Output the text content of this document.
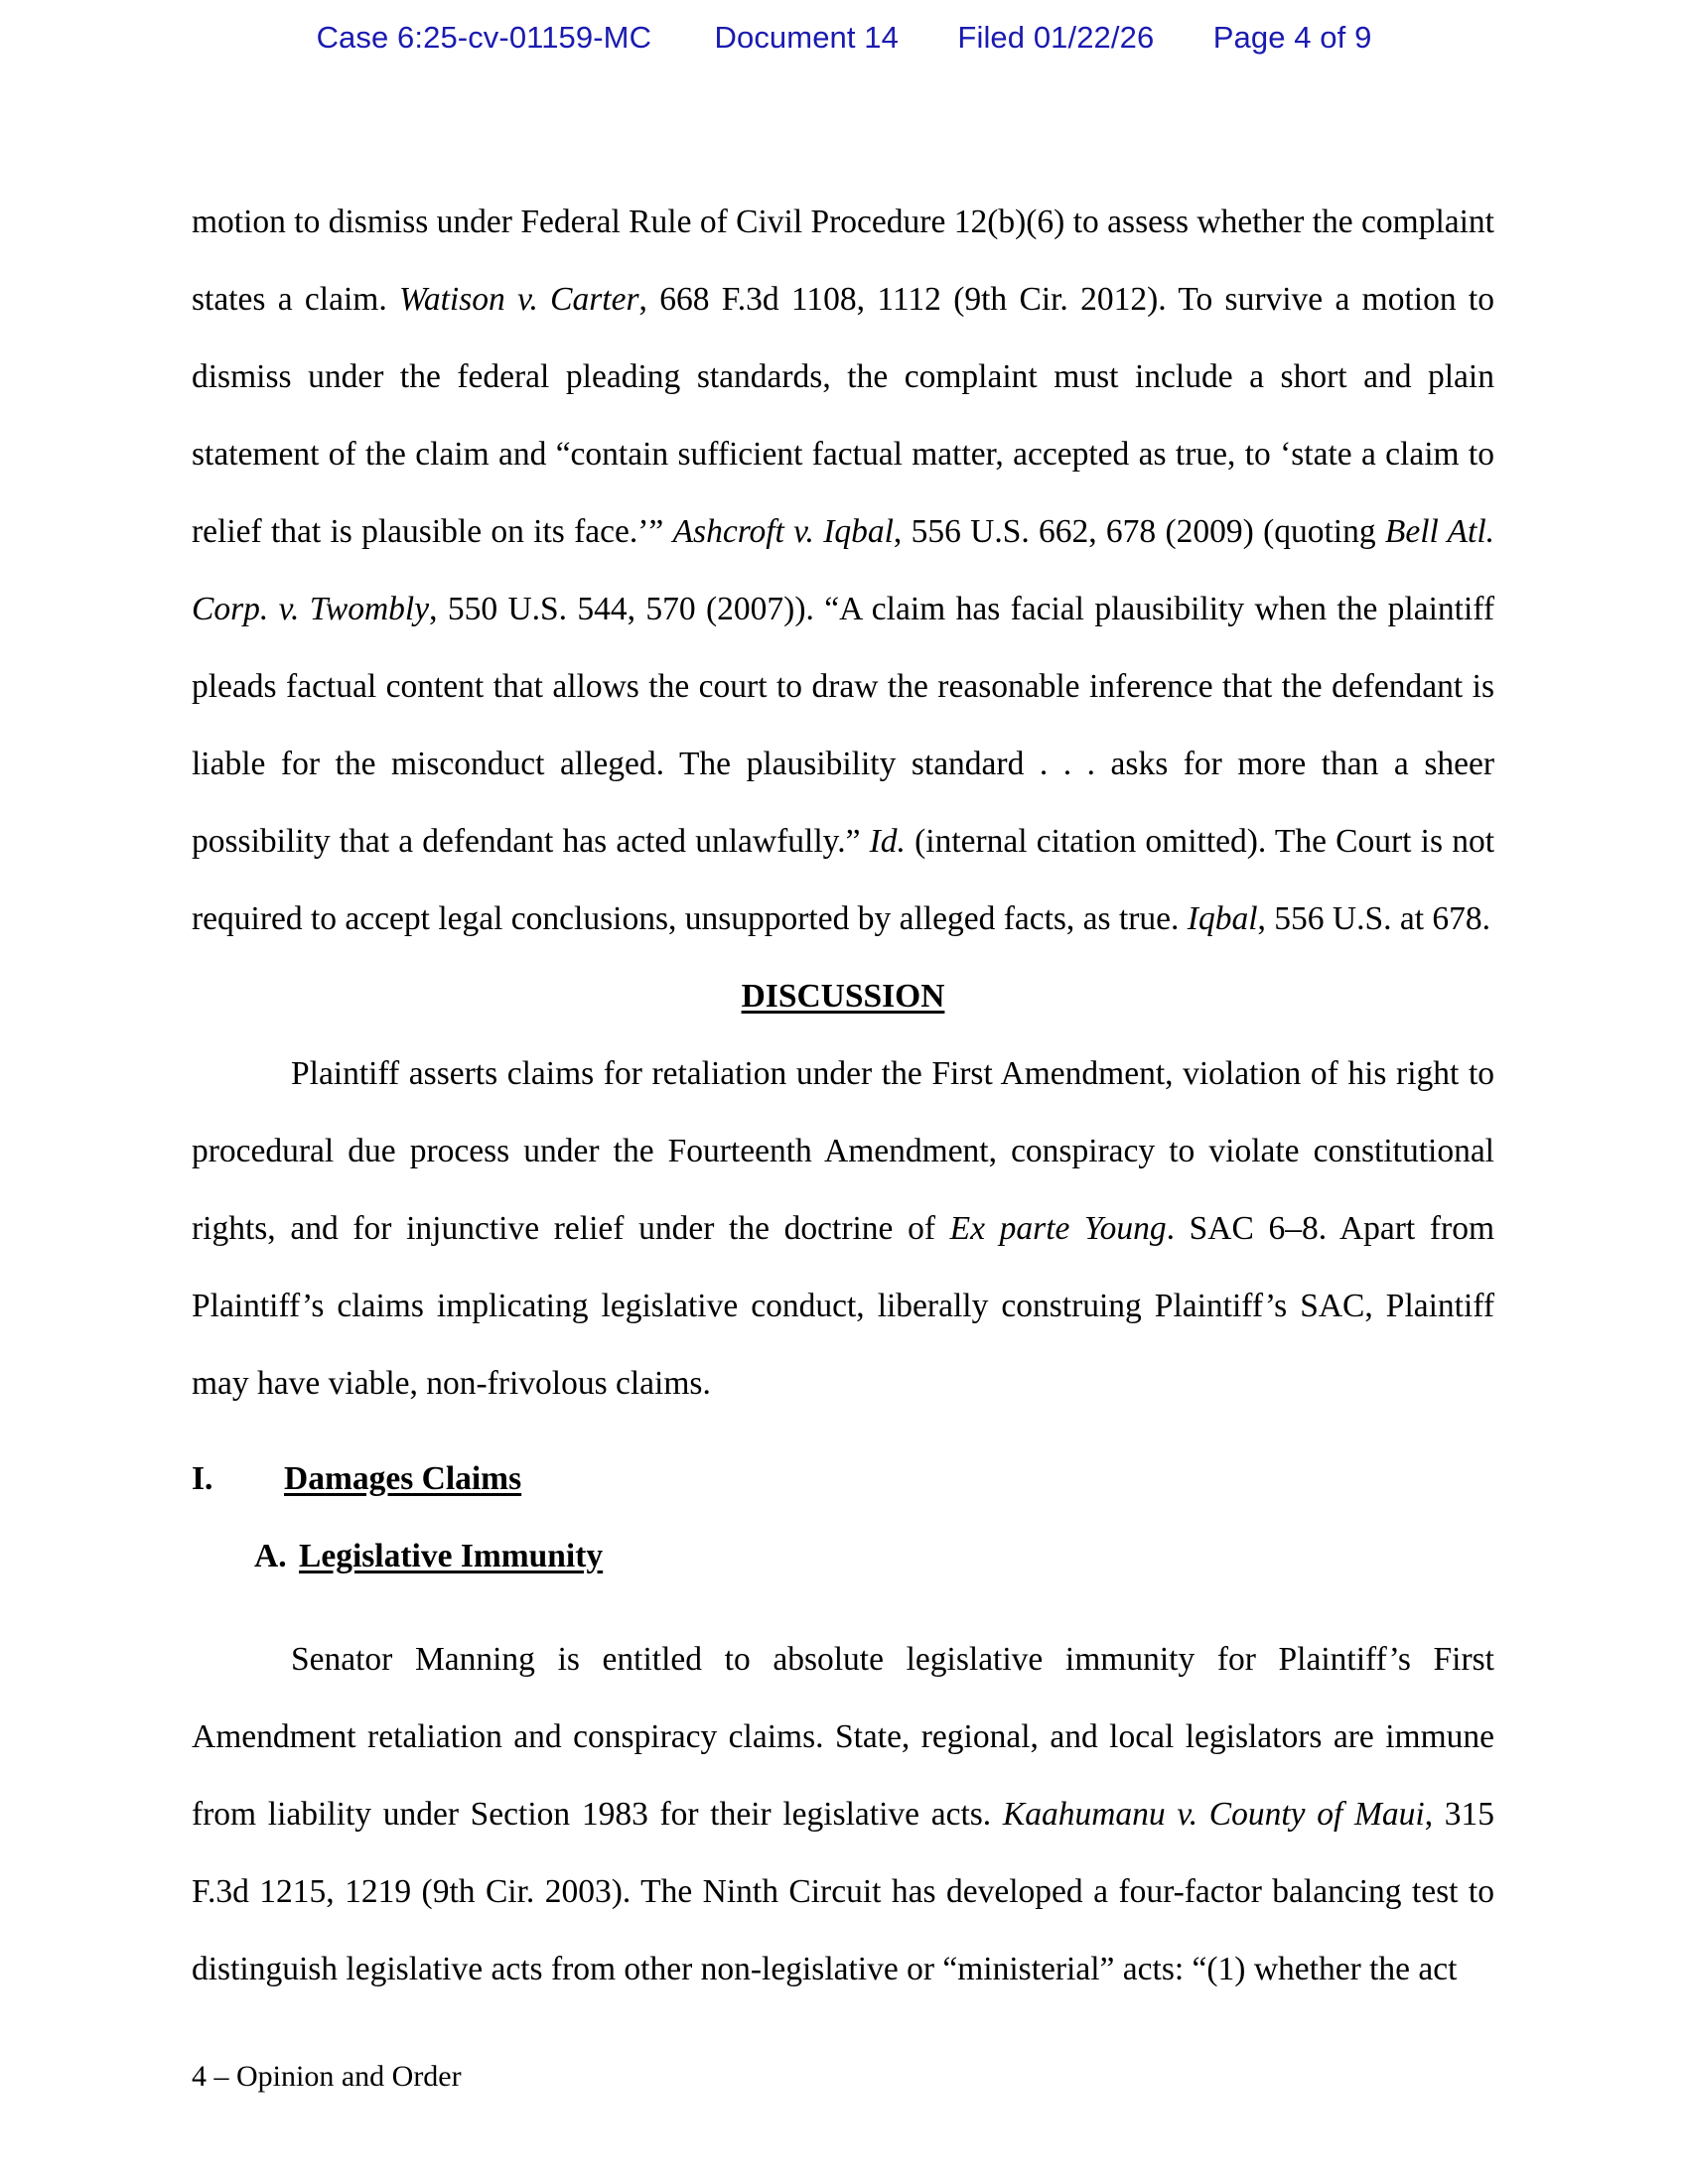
Case 6:25-cv-01159-MC Document 14 Filed 01/22/26 Page 4 of 9

motion to dismiss under Federal Rule of Civil Procedure 12(b)(6) to assess whether the complaint states a claim. Watison v. Carter, 668 F.3d 1108, 1112 (9th Cir. 2012). To survive a motion to dismiss under the federal pleading standards, the complaint must include a short and plain statement of the claim and “contain sufficient factual matter, accepted as true, to ‘state a claim to relief that is plausible on its face.’” Ashcroft v. Iqbal, 556 U.S. 662, 678 (2009) (quoting Bell Atl. Corp. v. Twombly, 550 U.S. 544, 570 (2007)). “A claim has facial plausibility when the plaintiff pleads factual content that allows the court to draw the reasonable inference that the defendant is liable for the misconduct alleged. The plausibility standard . . . asks for more than a sheer possibility that a defendant has acted unlawfully.” Id. (internal citation omitted). The Court is not required to accept legal conclusions, unsupported by alleged facts, as true. Iqbal, 556 U.S. at 678.

DISCUSSION

Plaintiff asserts claims for retaliation under the First Amendment, violation of his right to procedural due process under the Fourteenth Amendment, conspiracy to violate constitutional rights, and for injunctive relief under the doctrine of Ex parte Young. SAC 6–8. Apart from Plaintiff’s claims implicating legislative conduct, liberally construing Plaintiff’s SAC, Plaintiff may have viable, non-frivolous claims.

I. Damages Claims
A. Legislative Immunity

Senator Manning is entitled to absolute legislative immunity for Plaintiff’s First Amendment retaliation and conspiracy claims. State, regional, and local legislators are immune from liability under Section 1983 for their legislative acts. Kaahumanu v. County of Maui, 315 F.3d 1215, 1219 (9th Cir. 2003). The Ninth Circuit has developed a four-factor balancing test to distinguish legislative acts from other non-legislative or “ministerial” acts: “(1) whether the act

4 – Opinion and Order
